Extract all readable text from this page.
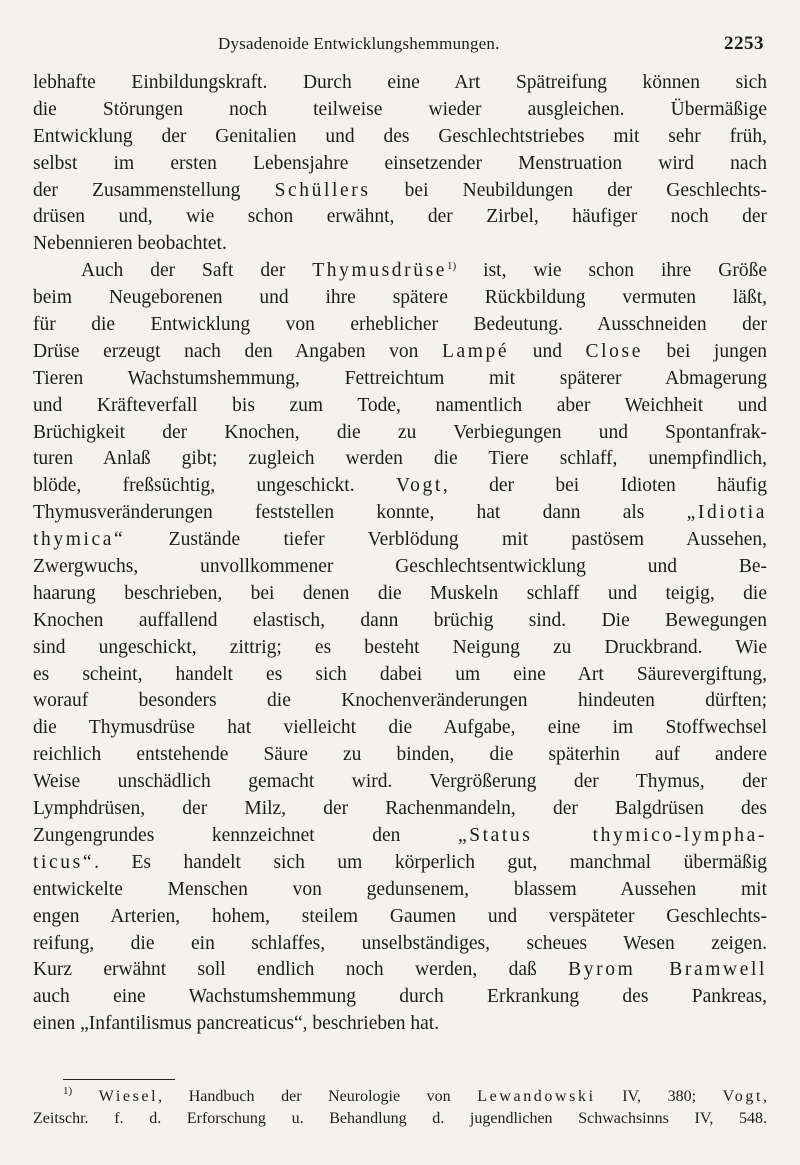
Dysadenoide Entwicklungshemmungen.	2253
lebhafte Einbildungskraft. Durch eine Art Spätreifung können sich
die Störungen noch teilweise wieder ausgleichen. Übermäßige
Entwicklung der Genitalien und des Geschlechtstriebes mit sehr früh,
selbst im ersten Lebensjahre einsetzender Menstruation wird nach
der Zusammenstellung Schüllers bei Neubildungen der Geschlechts-
drüsen und, wie schon erwähnt, der Zirbel, häufiger noch der
Nebennieren beobachtet.
Auch der Saft der Thymusdrüse$^{1)}$ ist, wie schon ihre Größe
beim Neugeborenen und ihre spätere Rückbildung vermuten läßt,
für die Entwicklung von erheblicher Bedeutung. Ausschneiden der
Drüse erzeugt nach den Angaben von Lampé und Close bei jungen
Tieren Wachstumshemmung, Fettreichtum mit späterer Abmagerung
und Kräfteverfall bis zum Tode, namentlich aber Weichheit und
Brüchigkeit der Knochen, die zu Verbiegungen und Spontanfrak-
turen Anlaß gibt; zugleich werden die Tiere schlaff, unempfindlich,
blöde, freßsüchtig, ungeschickt. Vogt, der bei Idioten häufig
Thymusveränderungen feststellen konnte, hat dann als „Idiotia
thymica“ Zustände tiefer Verblödung mit pastösem Aussehen,
Zwergwuchs, unvollkommener Geschlechtsentwicklung und Be-
haarung beschrieben, bei denen die Muskeln schlaff und teigig, die
Knochen auffallend elastisch, dann brüchig sind. Die Bewegungen
sind ungeschickt, zittrig; es besteht Neigung zu Druckbrand. Wie
es scheint, handelt es sich dabei um eine Art Säurevergiftung,
worauf besonders die Knochenveränderungen hindeuten dürften;
die Thymusdrüse hat vielleicht die Aufgabe, eine im Stoffwechsel
reichlich entstehende Säure zu binden, die späterhin auf andere
Weise unschädlich gemacht wird. Vergrößerung der Thymus, der
Lymphdrüsen, der Milz, der Rachenmandeln, der Balgdrüsen des
Zungengrundes kennzeichnet den „Status thymico-lympha-
ticus“. Es handelt sich um körperlich gut, manchmal übermäßig
entwickelte Menschen von gedunsenem, blassem Aussehen mit
engen Arterien, hohem, steilem Gaumen und verspäteter Geschlechts-
reifung, die ein schlaffes, unselbständiges, scheues Wesen zeigen.
Kurz erwähnt soll endlich noch werden, daß Byrom Bramwell
auch eine Wachstumshemmung durch Erkrankung des Pankreas,
einen „Infantilismus pancreaticus“, beschrieben hat.
$^{1)}$ Wiesel, Handbuch der Neurologie von Lewandowski IV, 380; Vogt,
Zeitschr. f. d. Erforschung u. Behandlung d. jugendlichen Schwachsinns IV, 548.
